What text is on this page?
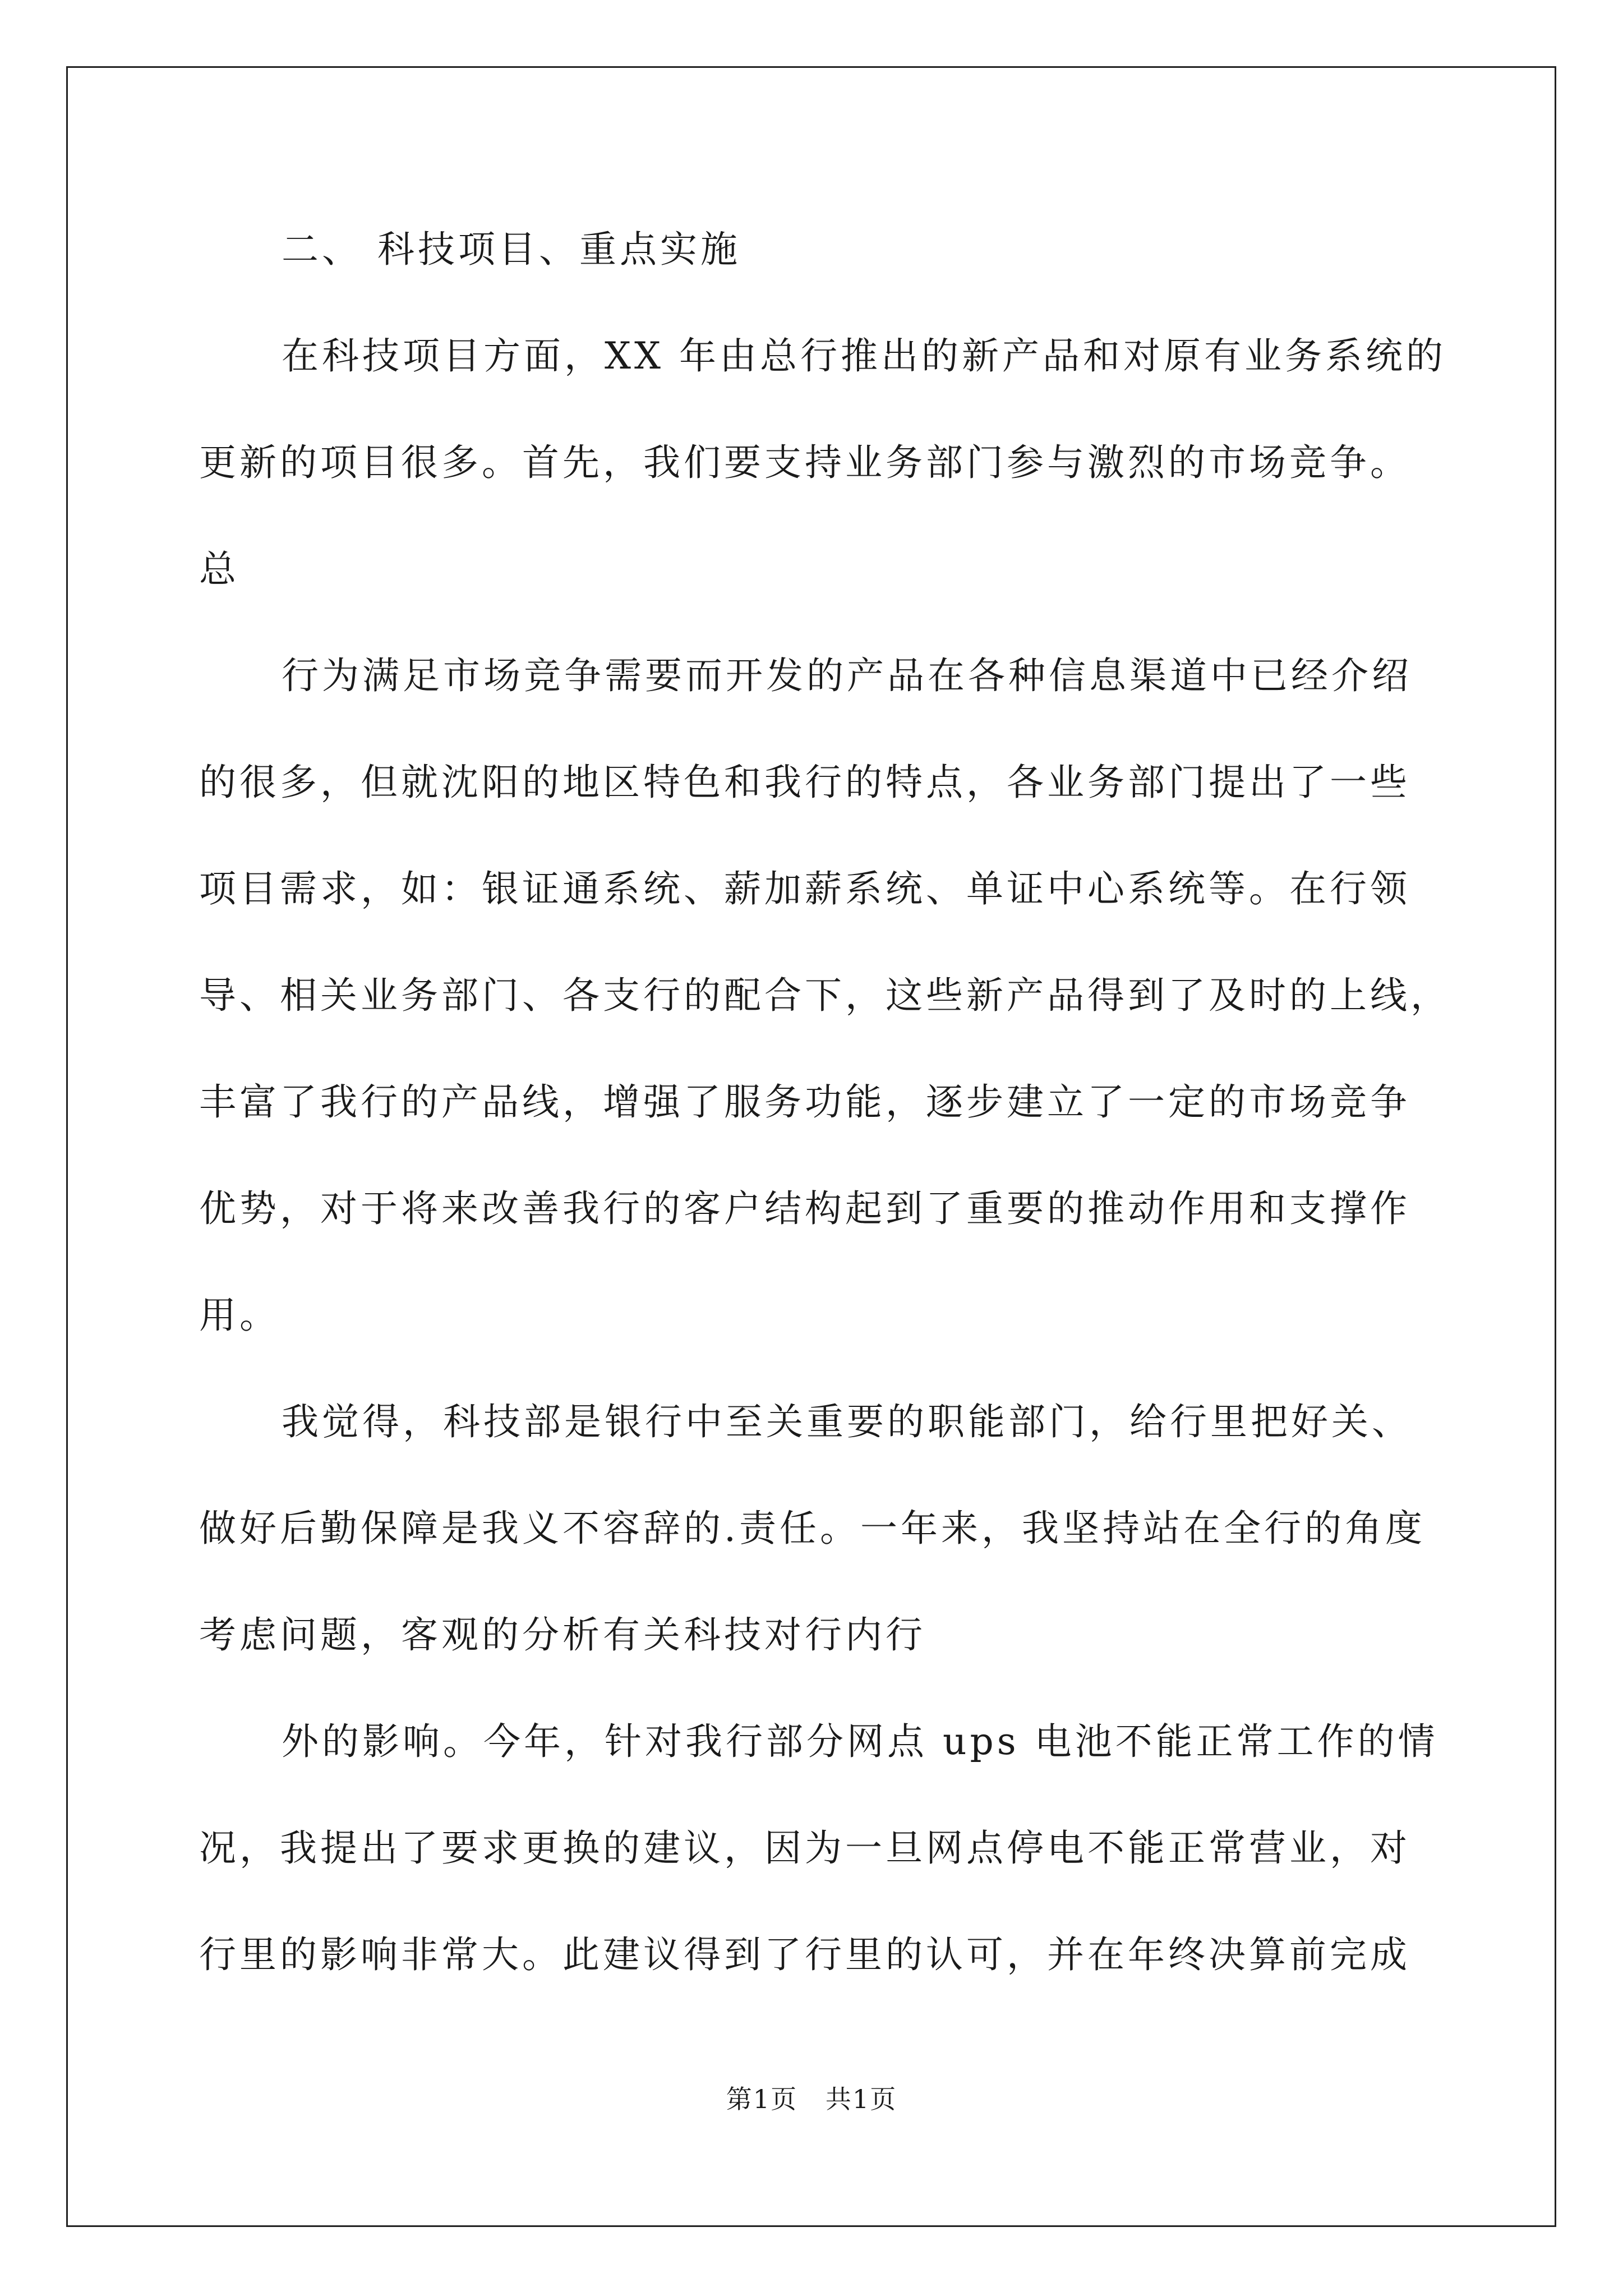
二、 科技项目、重点实施
在科技项目方面，XX 年由总行推出的新产品和对原有业务系统的
更新的项目很多。首先，我们要支持业务部门参与激烈的市场竞争。
总
行为满足市场竞争需要而开发的产品在各种信息渠道中已经介绍
的很多，但就沈阳的地区特色和我行的特点，各业务部门提出了一些
项目需求，如：银证通系统、薪加薪系统、单证中心系统等。在行领
导、相关业务部门、各支行的配合下，这些新产品得到了及时的上线，
丰富了我行的产品线，增强了服务功能，逐步建立了一定的市场竞争
优势，对于将来改善我行的客户结构起到了重要的推动作用和支撑作
用。
我觉得，科技部是银行中至关重要的职能部门，给行里把好关、
做好后勤保障是我义不容辞的.责任。一年来，我坚持站在全行的角度
考虑问题，客观的分析有关科技对行内行
外的影响。今年，针对我行部分网点 ups 电池不能正常工作的情
况，我提出了要求更换的建议，因为一旦网点停电不能正常营业，对
行里的影响非常大。此建议得到了行里的认可，并在年终决算前完成
第1页   共1页
